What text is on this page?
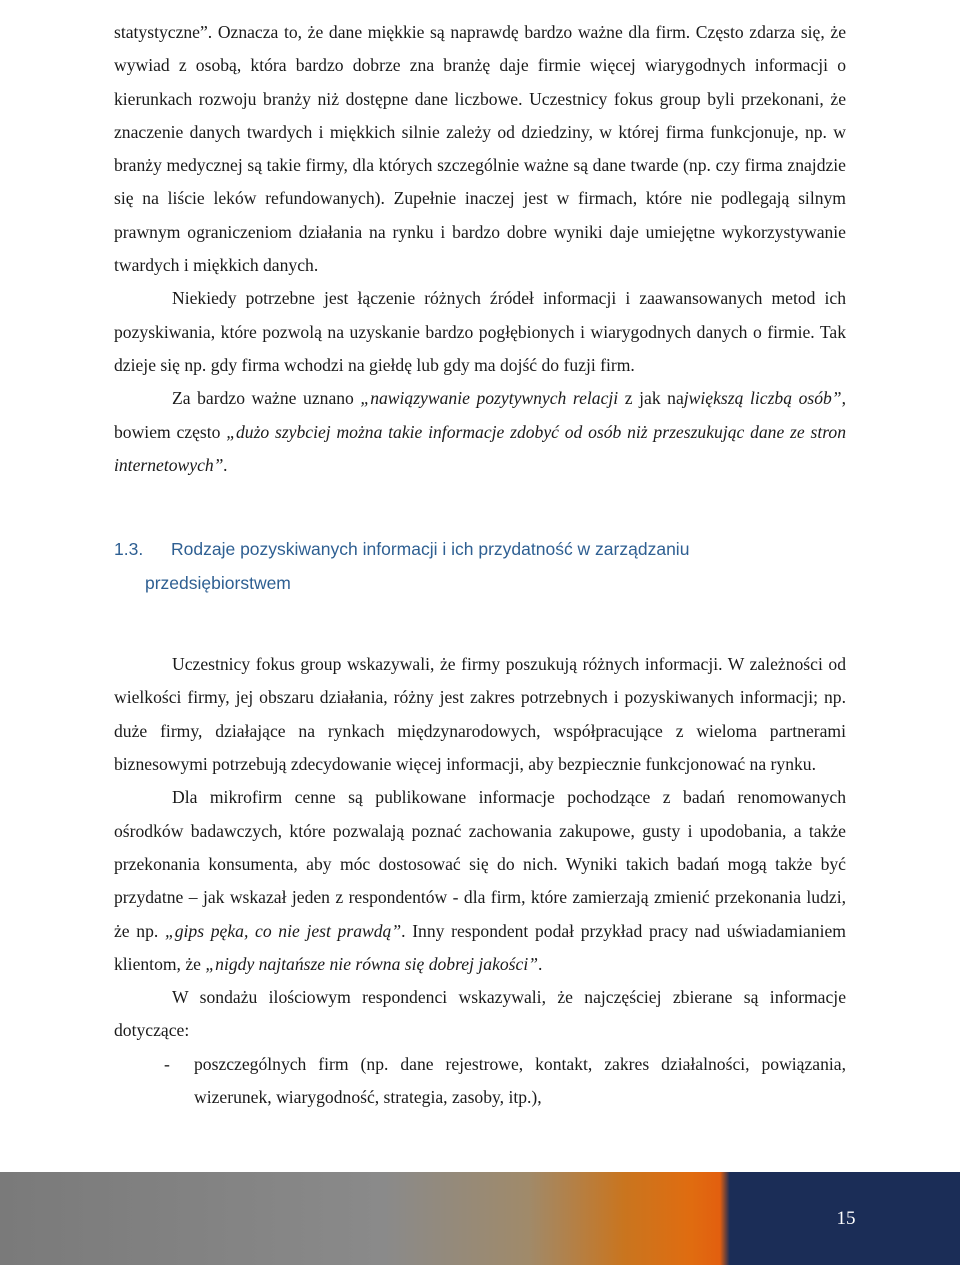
statystyczne”. Oznacza to, że dane miękkie są naprawdę bardzo ważne dla firm. Często zdarza się, że wywiad z osobą, która bardzo dobrze zna branżę daje firmie więcej wiarygodnych informacji o kierunkach rozwoju branży niż dostępne dane liczbowe. Uczestnicy fokus group byli przekonani, że znaczenie danych twardych i miękkich silnie zależy od dziedziny, w której firma funkcjonuje, np. w branży medycznej są takie firmy, dla których szczególnie ważne są dane twarde (np. czy firma znajdzie się na liście leków refundowanych). Zupełnie inaczej jest w firmach, które nie podlegają silnym prawnym ograniczeniom działania na rynku i bardzo dobre wyniki daje umiejętne wykorzystywanie twardych i miękkich danych.

Niekiedy potrzebne jest łączenie różnych źródeł informacji i zaawansowanych metod ich pozyskiwania, które pozwolą na uzyskanie bardzo pogłębionych i wiarygodnych danych o firmie. Tak dzieje się np. gdy firma wchodzi na giełdę lub gdy ma dojść do fuzji firm.

Za bardzo ważne uznano „nawiązywanie pozytywnych relacji z jak największą liczbą osób”, bowiem często „dużo szybciej można takie informacje zdobyć od osób niż przeszukując dane ze stron internetowych”.

1.3. Rodzaje pozyskiwanych informacji i ich przydatność w zarządzaniu

przedsiębiorstwem

Uczestnicy fokus group wskazywali, że firmy poszukują różnych informacji. W zależności od wielkości firmy, jej obszaru działania, różny jest zakres potrzebnych i pozyskiwanych informacji; np. duże firmy, działające na rynkach międzynarodowych, współpracujące z wieloma partnerami biznesowymi potrzebują zdecydowanie więcej informacji, aby bezpiecznie funkcjonować na rynku.

Dla mikrofirm cenne są publikowane informacje pochodzące z badań renomowanych ośrodków badawczych, które pozwalają poznać zachowania zakupowe, gusty i upodobania, a także przekonania konsumenta, aby móc dostosować się do nich. Wyniki takich badań mogą także być przydatne – jak wskazał jeden z respondentów - dla firm, które zamierzają zmienić przekonania ludzi, że np. „gips pęka, co nie jest prawdą”. Inny respondent podał przykład pracy nad uświadamianiem klientom, że „nigdy najtańsze nie równa się dobrej jakości”.

W sondażu ilościowym respondenci wskazywali, że najczęściej zbierane są informacje dotyczące:

-	poszczególnych firm (np. dane rejestrowe, kontakt, zakres działalności, powiązania, wizerunek, wiarygodność, strategia, zasoby, itp.),
15
